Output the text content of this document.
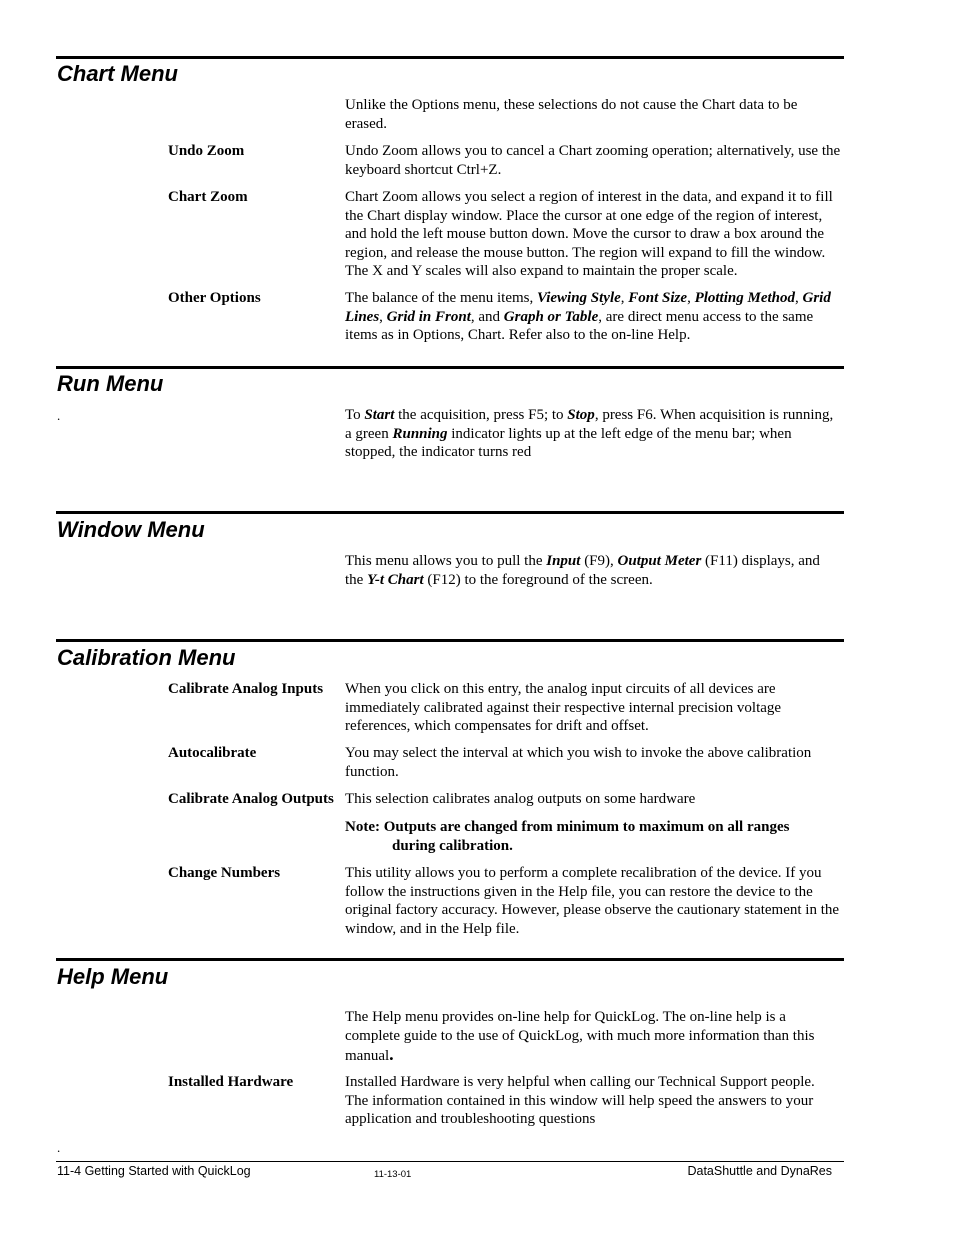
Chart Menu
Unlike the Options menu, these selections do not cause the Chart data to be erased.
Undo Zoom	Undo Zoom allows you to cancel a Chart zooming operation; alternatively, use the keyboard shortcut Ctrl+Z.
Chart Zoom	Chart Zoom allows you select a region of interest in the data, and expand it to fill the Chart display window. Place the cursor at one edge of the region of interest, and hold the left mouse button down. Move the cursor to draw a box around the region, and release the mouse button. The region will expand to fill the window. The X and Y scales will also expand to maintain the proper scale.
Other Options	The balance of the menu items, Viewing Style, Font Size, Plotting Method, Grid Lines, Grid in Front, and Graph or Table, are direct menu access to the same items as in Options, Chart. Refer also to the on-line Help.
Run Menu
.	To Start the acquisition, press F5; to Stop, press F6. When acquisition is running, a green Running indicator lights up at the left edge of the menu bar; when stopped, the indicator turns red
Window Menu
This menu allows you to pull the Input (F9), Output Meter (F11) displays, and the Y-t Chart (F12) to the foreground of the screen.
Calibration Menu
Calibrate Analog Inputs	When you click on this entry, the analog input circuits of all devices are immediately calibrated against their respective internal precision voltage references, which compensates for drift and offset.
Autocalibrate	You may select the interval at which you wish to invoke the above calibration function.
Calibrate Analog Outputs This selection calibrates analog outputs on some hardware
Note: Outputs are changed from minimum to maximum on all ranges
during calibration.
Change Numbers	This utility allows you to perform a complete recalibration of the device. If you follow the instructions given in the Help file, you can restore the device to the original factory accuracy. However, please observe the cautionary statement in the window, and in the Help file.
Help Menu
The Help menu provides on-line help for QuickLog. The on-line help is a complete guide to the use of QuickLog, with much more information than this manual.
Installed Hardware	Installed Hardware is very helpful when calling our Technical Support people. The information contained in this window will help speed the answers to your application and troubleshooting questions
.
11-4 Getting Started with QuickLog	11-13-01	DataShuttle and DynaRes
